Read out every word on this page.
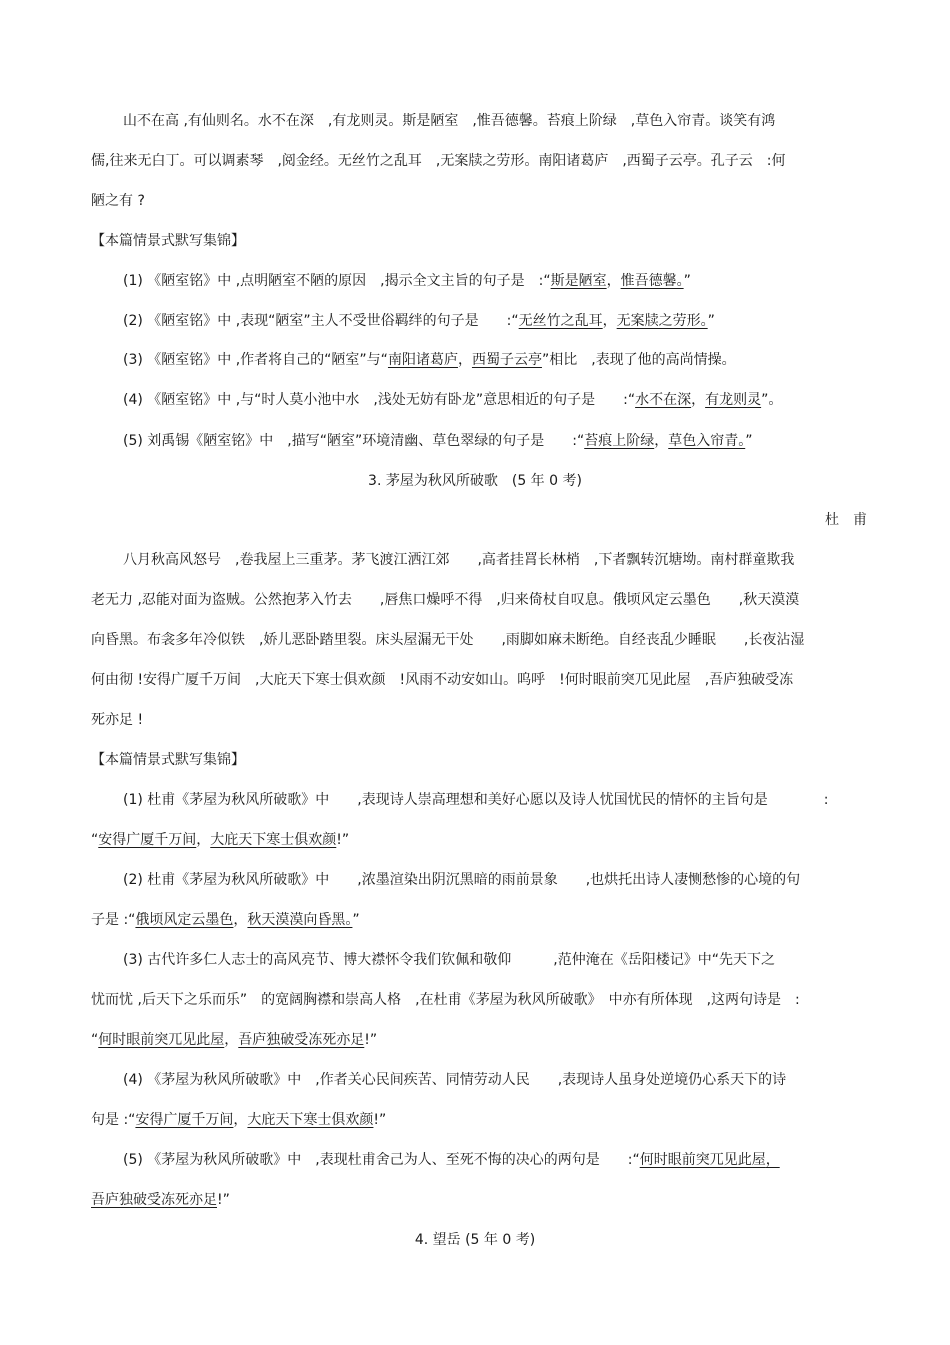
山不在高 ,有仙则名。水不在深　,有龙则灵。斯是陋室　,惟吾德馨。苔痕上阶绿　,草色入帘青。谈笑有鸿
儒,往来无白丁。可以调素琴　,阅金经。无丝竹之乱耳　,无案牍之劳形。南阳诸葛庐　,西蜀子云亭。孔子云　:何
陋之有 ?
【本篇情景式默写集锦】
(1) 《陋室铭》中 ,点明陋室不陋的原因　,揭示全文主旨的句子是　:“斯是陋室，惟吾德馨。”
(2) 《陋室铭》中 ,表现“陋室”主人不受世俗羁绊的句子是　　:“无丝竹之乱耳，无案牍之劳形。”
(3) 《陋室铭》中 ,作者将自己的“陋室”与“南阳诸葛庐，西蜀子云亭”相比　,表现了他的高尚情操。
(4) 《陋室铭》中 ,与“时人莫小池中水　,浅处无妨有卧龙”意思相近的句子是　　:“水不在深，有龙则灵”。
(5) 刘禹锡《陋室铭》中　,描写“陋室”环境清幽、草色翠绿的句子是　　:“苔痕上阶绿，草色入帘青。”
3. 茅屋为秋风所破歌　(5 年 0 考)
杜　甫
八月秋高风怒号　,卷我屋上三重茅。茅飞渡江洒江郊　　,高者挂罥长林梢　,下者飘转沉塘坳。南村群童欺我
老无力 ,忍能对面为盗贼。公然抱茅入竹去　　,唇焦口燥呼不得　,归来倚杖自叹息。俄顷风定云墨色　　,秋天漠漠
向昏黑。布衾多年冷似铁　,娇儿恶卧踏里裂。床头屋漏无干处　　,雨脚如麻未断绝。自经丧乱少睡眠　　,长夜沾湿
何由彻 !安得广厦千万间　,大庇天下寒士俱欢颜　!风雨不动安如山。呜呼　!何时眼前突兀见此屋　,吾庐独破受冻
死亦足 !
【本篇情景式默写集锦】
(1) 杜甫《茅屋为秋风所破歌》中　　,表现诗人崇高理想和美好心愿以及诗人忧国忧民的情怀的主旨句是　　　　:
“安得广厦千万间，大庇天下寒士俱欢颜!”
(2) 杜甫《茅屋为秋风所破歌》中　　,浓墨渲染出阴沉黑暗的雨前景象　　,也烘托出诗人凄恻愁惨的心境的句
子是 :“俄顷风定云墨色，秋天漠漠向昏黑。”
(3) 古代许多仁人志士的高风亮节、博大襟怀令我们钦佩和敬仰　　　,范仲淹在《岳阳楼记》中“先天下之
忧而忧 ,后天下之乐而乐”　的宽阔胸襟和崇高人格　,在杜甫《茅屋为秋风所破歌》　中亦有所体现　,这两句诗是　:
“何时眼前突兀见此屋，吾庐独破受冻死亦足!”
(4) 《茅屋为秋风所破歌》中　,作者关心民间疾苦、同情劳动人民　　,表现诗人虽身处逆境仍心系天下的诗
句是 :“安得广厦千万间，大庇天下寒士俱欢颜!”
(5) 《茅屋为秋风所破歌》中　,表现杜甫舍己为人、至死不悔的决心的两句是　　:“何时眼前突兀见此屋，
吾庐独破受冻死亦足!”
4. 望岳 (5 年 0 考)
